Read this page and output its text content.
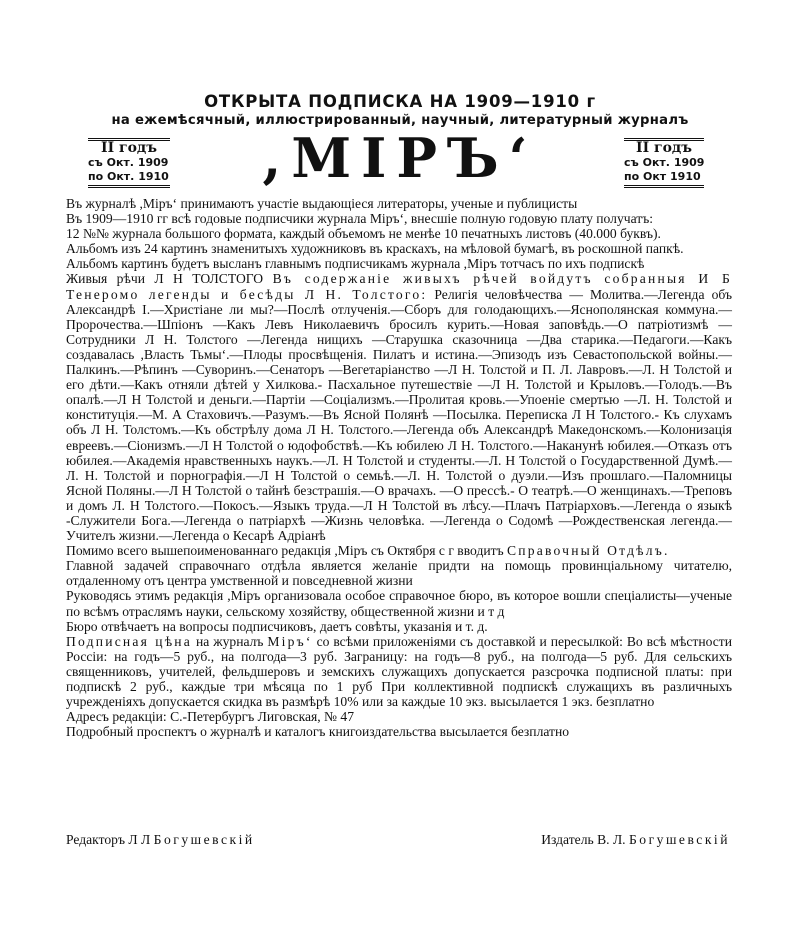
ОТКРЫТА ПОДПИСКА НА 1909—1910 г
на ежемѣсячный, иллюстрированный, научный, литературный журналъ
II годъ
съ Окт. 1909
по Окт. 1910	,МІРЪ‘	II годъ
съ Окт. 1909
по Окт 1910

Въ журналѣ ,Міръ‘ принимаютъ участіе выдающіеся литераторы, ученые и публицисты

Въ 1909—1910 гг всѣ годовые подписчики журнала Міръ‘, внесшіе полную годовую плату получатъ:

12 №№ журнала большого формата, каждый объемомъ не менѣе 10 печатныхъ листовъ (40.000 буквъ).

Альбомъ изъ 24 картинъ знаменитыхъ художниковъ въ краскахъ, на мѣловой бумагѣ, въ роскошной папкѣ.

Альбомъ картинъ будетъ высланъ главнымъ подписчикамъ журнала ,Міръ тотчасъ по ихъ подпискѣ

Живыя рѣчи Л Н ТОЛСТОГО Въ содержаніе живыхъ рѣчей войдутъ собранныя И Б Тенеромо легенды и бесѣды Л Н. Толстого: Религія человѣчества — Молитва.—Легенда объ Александрѣ I.—Христіане ли мы?—Послѣ отлученія.—Сборъ для голодающихъ.—Яснополянская коммуна.—Пророчества.—Шпіонъ —Какъ Левъ Николаевичъ бросилъ курить.—Новая заповѣдь.—О патріотизмѣ —Сотрудники Л Н. Толстого —Легенда нищихъ —Старушка сказочница —Два старика.—Педагоги.—Какъ создавалась ,Власть Тьмы‘.—Плоды просвѣщенія. Пилатъ и истина.—Эпизодъ изъ Севастопольской войны.—Палкинъ.—Рѣпинъ —Суворинъ.—Сенаторъ —Вегетаріанство —Л Н. Толстой и П. Л. Лавровъ.—Л. Н Толстой и его дѣти.—Какъ отняли дѣтей у Хилкова.- Пасхальное путешествіе —Л Н. Толстой и Крыловъ.—Голодъ.—Въ опалѣ.—Л Н Толстой и деньги.—Партіи —Соціализмъ.—Пролитая кровь.—Упоеніе смертью —Л. Н. Толстой и конституція.—М. А Стаховичъ.—Разумъ.—Въ Ясной Полянѣ —Посылка. Переписка Л Н Толстого.- Къ слухамъ объ Л Н. Толстомъ.—Къ обстрѣлу дома Л Н. Толстого.—Легенда объ Александрѣ Македонскомъ.—Колонизація евреевъ.—Сіонизмъ.—Л Н Толстой о юдофобствѣ.—Къ юбилею Л Н. Толстого.—Наканунѣ юбилея.—Отказъ отъ юбилея.—Академія нравственныхъ наукъ.—Л. Н Толстой и студенты.—Л. Н Толстой о Государственной Думѣ.—Л. Н. Толстой и порнографія.—Л Н Толстой о семьѣ.—Л. Н. Толстой о дуэли.—Изъ прошлаго.—Паломницы Ясной Поляны.—Л Н Толстой о тайнѣ безстрашія.—О врачахъ. —О прессѣ.- О театрѣ.—О женщинахъ.—Треповъ и домъ Л. Н Толстого.—Покосъ.—Языкъ труда.—Л Н Толстой въ лѣсу.—Плачъ Патріарховъ.—Легенда о языкѣ -Служители Бога.—Легенда о патріархѣ —Жизнь человѣка. —Легенда о Содомѣ —Рождественская легенда.—Учителъ жизни.—Легенда о Кесарѣ Адріанѣ

Помимо всего вышепоименованнаго редакція ,Міръ съ Октября с г вводитъ Справочный Отдѣлъ.

Главной задачей справочнаго отдѣла является желаніе придти на помощь провинціальному читателю, отдаленному отъ центра умственной и повседневной жизни

Руководясь этимъ редакція ,Міръ организовала особое справочное бюро, въ которое вошли спеціалисты—ученые по всѣмъ отраслямъ науки, сельскому хозяйству, общественной жизни и т д

Бюро отвѣчаетъ на вопросы подписчиковъ, даетъ совѣты, указанія и т. д.

Подписная цѣна на журналъ Міръ‘ со всѣми приложеніями съ доставкой и пересылкой: Во всѣ мѣстности Россіи: на годъ—5 руб., на полгода—3 руб. Заграницу: на годъ—8 руб., на полгода—5 руб. Для сельскихъ священниковъ, учителей, фельдшеровъ и земскихъ служащихъ допускается разсрочка подписной платы: при подпискѣ 2 руб., каждые три мѣсяца по 1 руб При коллективной подпискѣ служащихъ въ различныхъ учрежденіяхъ допускается скидка въ размѣрѣ 10% или за каждые 10 экз. высылается 1 экз. безплатно

Адресъ редакціи: С.-Петербургъ Лиговская, № 47

Подробный проспектъ о журналѣ и каталогъ книгоиздательства высылается безплатно

Редакторъ Л Л Богушевскій	Издатель В. Л. Богушевскій
